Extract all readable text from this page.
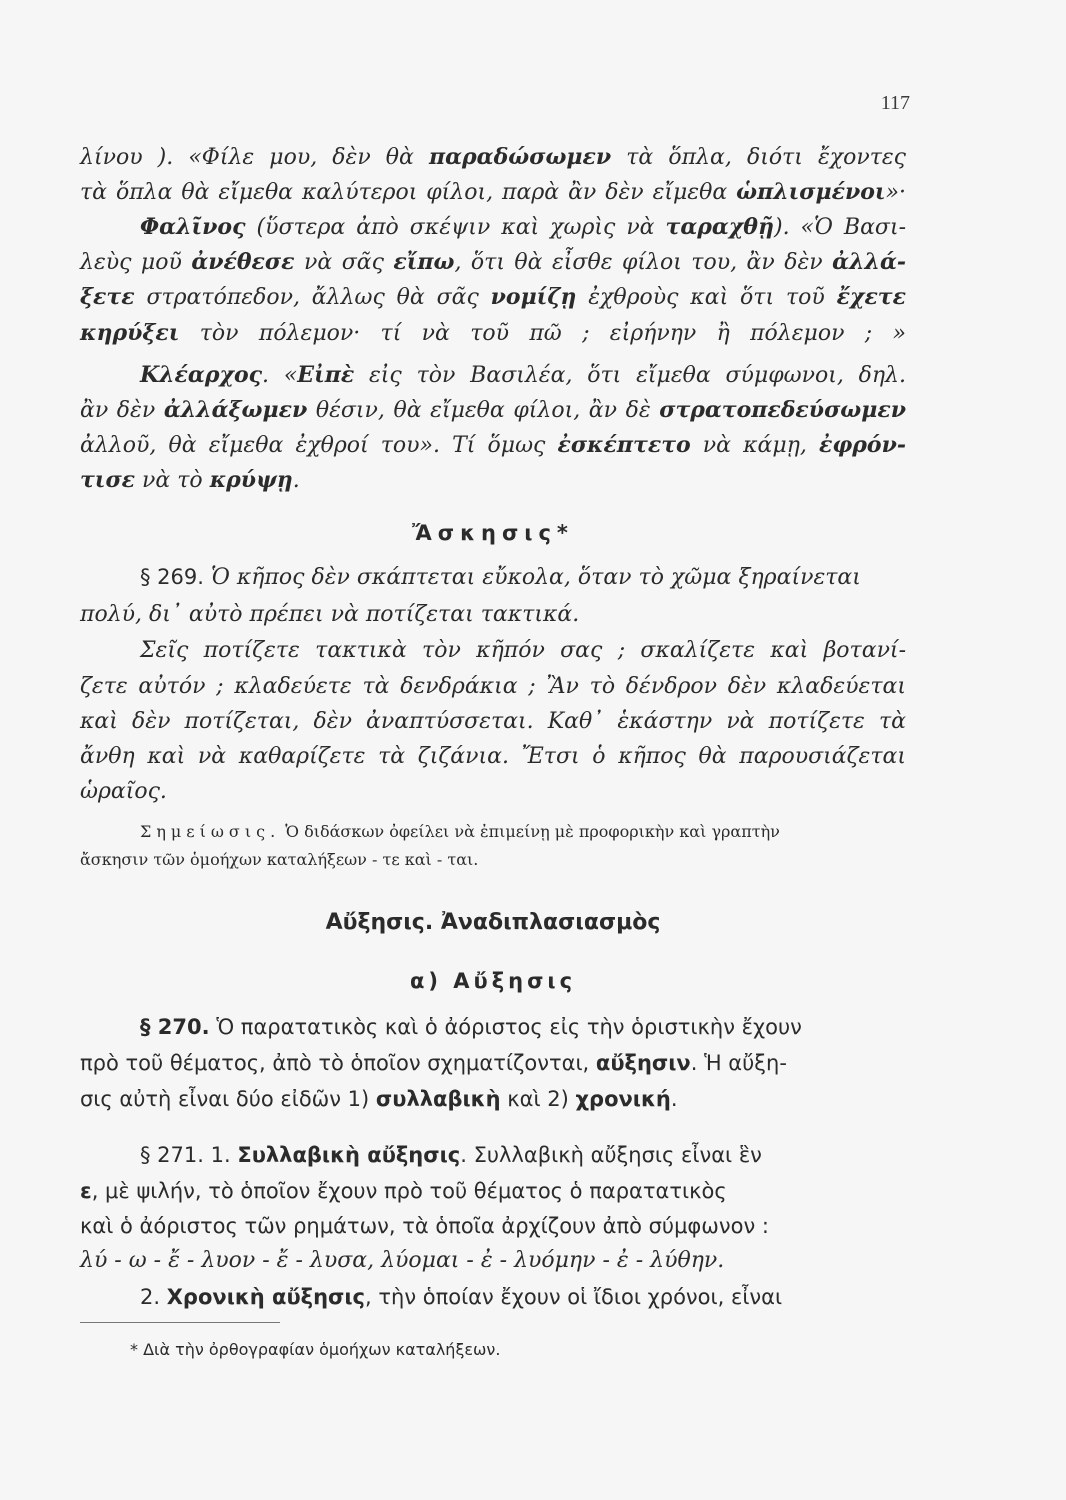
117
λίνου ). «Φίλε μου, δὲν θὰ παραδώσωμεν τὰ ὅπλα, διότι ἔχοντες
τὰ ὅπλα θὰ εἴμεθα καλύτεροι φίλοι, παρὰ ἂν δὲν εἴμεθα ὡπλισμένοι»·
Φαλῖνος (ὕστερα ἀπὸ σκέψιν καὶ χωρὶς νὰ ταραχθῇ). «Ὁ Βασι-
λεὺς μοῦ ἀνέθεσε νὰ σᾶς εἴπω, ὅτι θὰ εἶσθε φίλοι του, ἂν δὲν ἀλλά-
ξετε στρατόπεδον, ἄλλως θὰ σᾶς νομίζῃ ἐχθροὺς καὶ ὅτι τοῦ ἔχετε
κηρύξει τὸν πόλεμον· τί νὰ τοῦ πῶ ; εἰρήνην ἢ πόλεμον ; »
Κλέαρχος. «Εἰπὲ εἰς τὸν Βασιλέα, ὅτι εἴμεθα σύμφωνοι, δηλ.
ἂν δὲν ἀλλάξωμεν θέσιν, θὰ εἴμεθα φίλοι, ἂν δὲ στρατοπεδεύσωμεν
ἀλλοῦ, θὰ εἴμεθα ἐχθροί του». Τί ὅμως ἐσκέπτετο νὰ κάμῃ, ἐφρόν-
τισε νὰ τὸ κρύψῃ.
Ἄσκησις*
§ 269. Ὁ κῆπος δὲν σκάπτεται εὔκολα, ὅταν τὸ χῶμα ξηραίνεται
πολύ, δι᾽ αὐτὸ πρέπει νὰ ποτίζεται τακτικά.
Σεῖς ποτίζετε τακτικὰ τὸν κῆπόν σας ; σκαλίζετε καὶ βοτανί-
ζετε αὐτόν ; κλαδεύετε τὰ δενδράκια ; Ἂν τὸ δένδρον δὲν κλαδεύεται
καὶ δὲν ποτίζεται, δὲν ἀναπτύσσεται. Καθ᾽ ἑκάστην νὰ ποτίζετε τὰ
ἄνθη καὶ νὰ καθαρίζετε τὰ ζιζάνια. Ἔτσι ὁ κῆπος θὰ παρουσιάζεται
ὡραῖος.
Σημείωσις. Ὁ διδάσκων ὀφείλει νὰ ἐπιμείνῃ μὲ προφορικὴν καὶ γραπτὴν
ἄσκησιν τῶν ὁμοήχων καταλήξεων - τε καὶ - ται.
Αὔξησις. Ἀναδιπλασιασμὸς
α) Αὔξησις
§ 270. Ὁ παρατατικὸς καὶ ὁ ἀόριστος εἰς τὴν ὁριστικὴν ἔχουν
πρὸ τοῦ θέματος, ἀπὸ τὸ ὁποῖον σχηματίζονται, αὔξησιν. Ἡ αὔξη-
σις αὐτὴ εἶναι δύο εἰδῶν 1) συλλαβικὴ καὶ 2) χρονική.
§ 271. 1. Συλλαβικὴ αὔξησις. Συλλαβικὴ αὔξησις εἶναι ἓν
ε, μὲ ψιλήν, τὸ ὁποῖον ἔχουν πρὸ τοῦ θέματος ὁ παρατατικὸς
καὶ ὁ ἀόριστος τῶν ρημάτων, τὰ ὁποῖα ἀρχίζουν ἀπὸ σύμφωνον :
λύ - ω - ἔ - λυον - ἔ - λυσα, λύομαι - ἐ - λυόμην - ἐ - λύθην.
2. Χρονικὴ αὔξησις, τὴν ὁποίαν ἔχουν οἱ ἴδιοι χρόνοι, εἶναι
* Διὰ τὴν ὀρθογραφίαν ὁμοήχων καταλήξεων.
